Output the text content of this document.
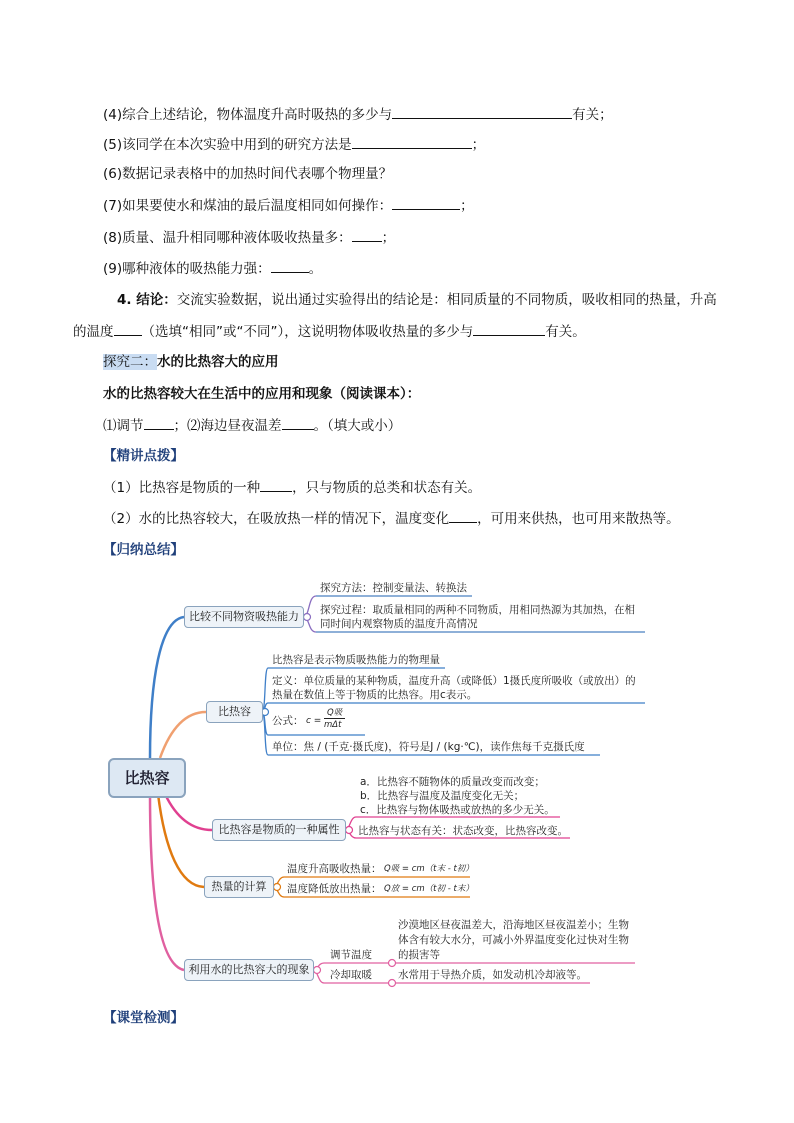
(4)综合上述结论，物体温度升高时吸热的多少与	有关；
(5)该同学在本次实验中用到的研究方法是	；
(6)数据记录表格中的加热时间代表哪个物理量？
(7)如果要使水和煤油的最后温度相同如何操作：	；
(8)质量、温升相同哪种液体吸收热量多： ；
(9)哪种液体的吸热能力强：	。
4. 结论：交流实验数据，说出通过实验得出的结论是：相同质量的不同物质，吸收相同的热量，升高
的温度 （选填“相同”或“不同”），这说明物体吸收热量的多少与	有关。
探究二：水的比热容大的应用
水的比热容较大在生活中的应用和现象（阅读课本）：
⑴调节 ；⑵海边昼夜温差 。（填大或小）
【精讲点拨】
（1）比热容是物质的一种 ，只与物质的总类和状态有关。
（2）水的比热容较大，在吸放热一样的情况下，温度变化 ，可用来供热，也可用来散热等。
【归纳总结】
比热容
比较不同物资吸热能力
探究方法：控制变量法、转换法
探究过程：取质量相同的两种不同物质，用相同热源为其加热，在相
同时间内观察物质的温度升高情况
比热容
比热容是表示物质吸热能力的物理量
定义：单位质量的某种物质，温度升高（或降低）1摄氏度所吸收（或放出）的
热量在数值上等于物质的比热容。用c表示。
公式： c =
Q吸
mΔt
单位：焦 / (千克·摄氏度)，符号是J / (kg·℃)，读作焦每千克摄氏度
比热容是物质的一种属性
a．比热容不随物体的质量改变而改变；
b．比热容与温度及温度变化无关；
c．比热容与物体吸热或放热的多少无关。
比热容与状态有关：状态改变，比热容改变。
热量的计算
温度升高吸收热量： Q吸 = cm（t末 - t初）
温度降低放出热量： Q放 = cm（t初 - t末）
利用水的比热容大的现象
调节温度
冷却取暖
沙漠地区昼夜温差大，沿海地区昼夜温差小；生物
体含有较大水分，可减小外界温度变化过快对生物
的损害等
水常用于导热介质，如发动机冷却液等。
【课堂检测】
